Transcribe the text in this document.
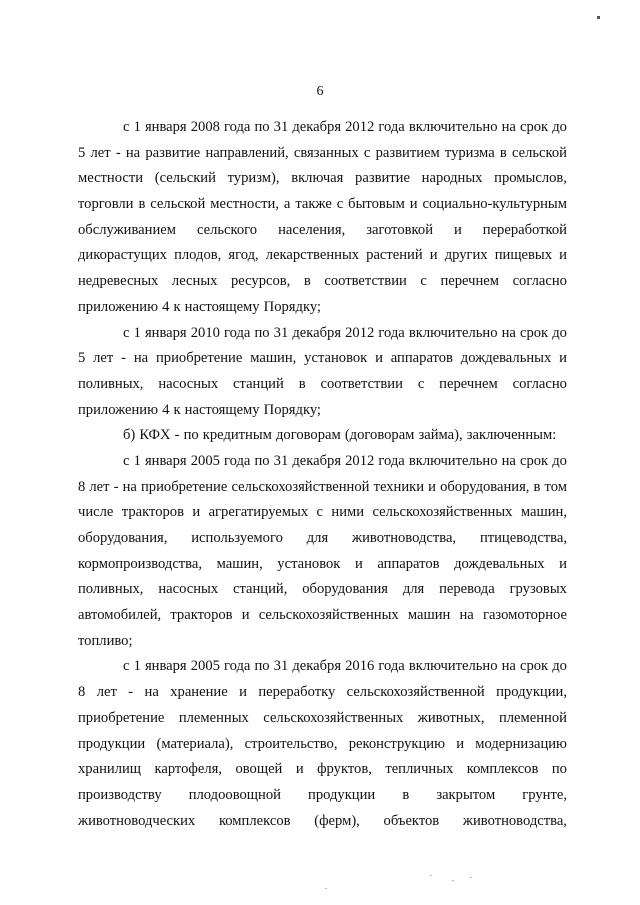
6
с 1 января 2008 года по 31 декабря 2012 года включительно на срок до
5 лет - на развитие направлений, связанных с развитием туризма в сельской
местности (сельский туризм), включая развитие народных промыслов,
торговли в сельской местности, а также с бытовым и социально-культурным
обслуживанием сельского населения, заготовкой и переработкой
дикорастущих плодов, ягод, лекарственных растений и других пищевых и
недревесных лесных ресурсов, в соответствии с перечнем согласно
приложению 4 к настоящему Порядку;
с 1 января 2010 года по 31 декабря 2012 года включительно на срок до
5 лет - на приобретение машин, установок и аппаратов дождевальных и
поливных, насосных станций в соответствии с перечнем согласно
приложению 4 к настоящему Порядку;
б) КФХ - по кредитным договорам (договорам займа), заключенным:
с 1 января 2005 года по 31 декабря 2012 года включительно на срок до
8 лет - на приобретение сельскохозяйственной техники и оборудования, в том
числе тракторов и агрегатируемых с ними сельскохозяйственных машин,
оборудования, используемого для животноводства, птицеводства,
кормопроизводства, машин, установок и аппаратов дождевальных и
поливных, насосных станций, оборудования для перевода грузовых
автомобилей, тракторов и сельскохозяйственных машин на газомоторное
топливо;
с 1 января 2005 года по 31 декабря 2016 года включительно на срок до
8 лет - на хранение и переработку сельскохозяйственной продукции,
приобретение племенных сельскохозяйственных животных, племенной
продукции (материала), строительство, реконструкцию и модернизацию
хранилищ картофеля, овощей и фруктов, тепличных комплексов по
производству плодоовощной продукции в закрытом грунте,
животноводческих комплексов (ферм), объектов животноводства,
